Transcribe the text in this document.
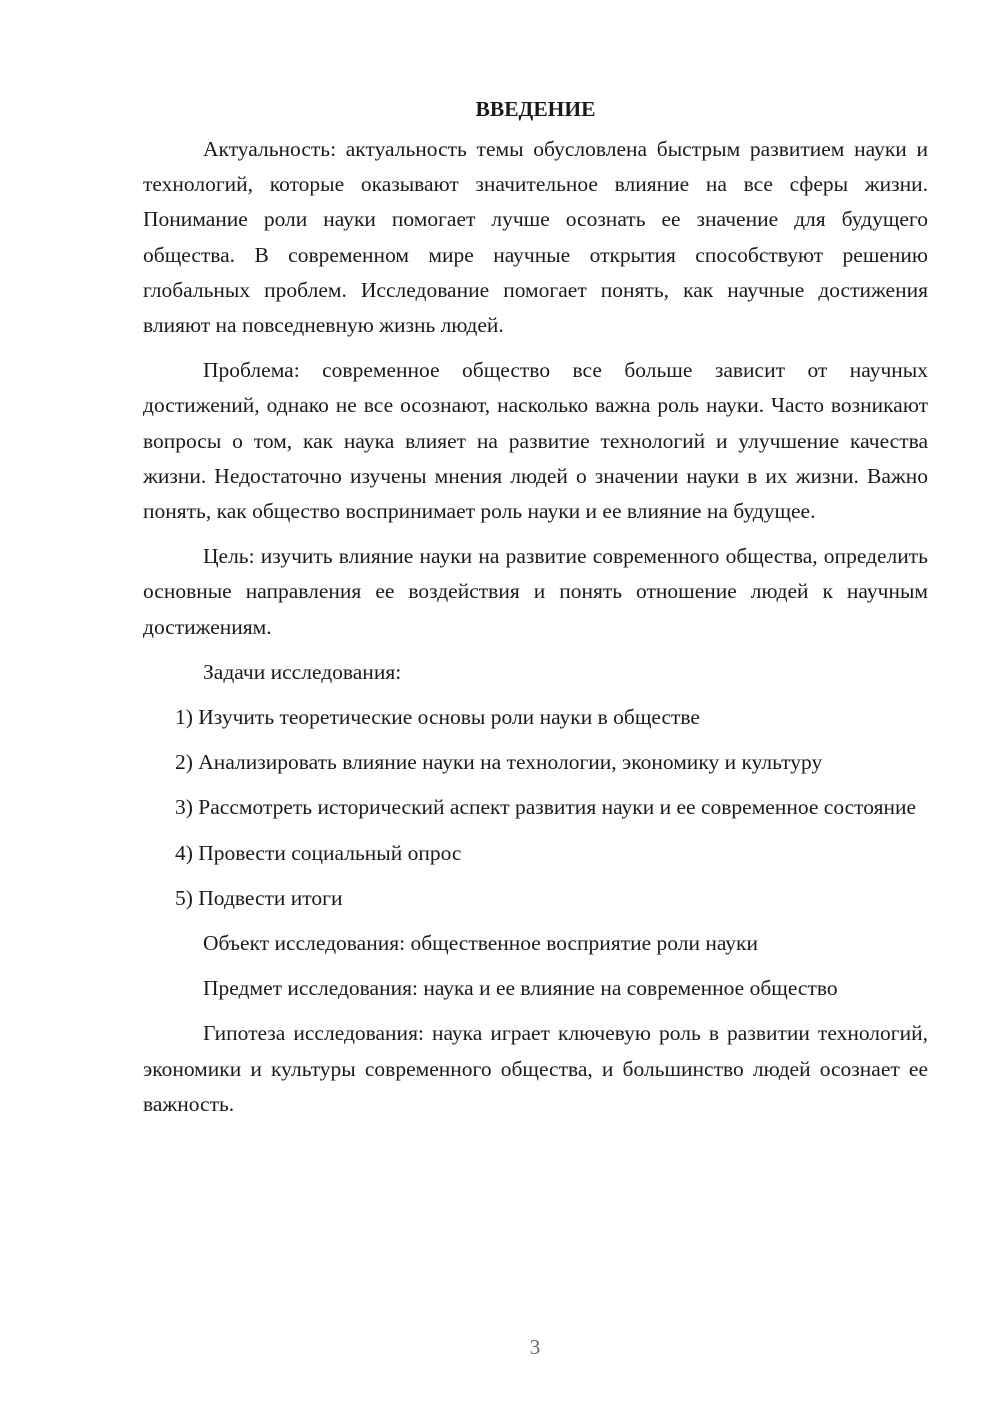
ВВЕДЕНИЕ

Актуальность: актуальность темы обусловлена быстрым развитием науки и технологий, которые оказывают значительное влияние на все сферы жизни. Понимание роли науки помогает лучше осознать ее значение для будущего общества. В современном мире научные открытия способствуют решению глобальных проблем. Исследование помогает понять, как научные достижения влияют на повседневную жизнь людей.

Проблема: современное общество все больше зависит от научных достижений, однако не все осознают, насколько важна роль науки. Часто возникают вопросы о том, как наука влияет на развитие технологий и улучшение качества жизни. Недостаточно изучены мнения людей о значении науки в их жизни. Важно понять, как общество воспринимает роль науки и ее влияние на будущее.

Цель: изучить влияние науки на развитие современного общества, определить основные направления ее воздействия и понять отношение людей к научным достижениям.

Задачи исследования:

1) Изучить теоретические основы роли науки в обществе

2) Анализировать влияние науки на технологии, экономику и культуру

3) Рассмотреть исторический аспект развития науки и ее современное состояние

4) Провести социальный опрос

5) Подвести итоги

Объект исследования: общественное восприятие роли науки

Предмет исследования: наука и ее влияние на современное общество

Гипотеза исследования: наука играет ключевую роль в развитии технологий, экономики и культуры современного общества, и большинство людей осознает ее важность.

3
